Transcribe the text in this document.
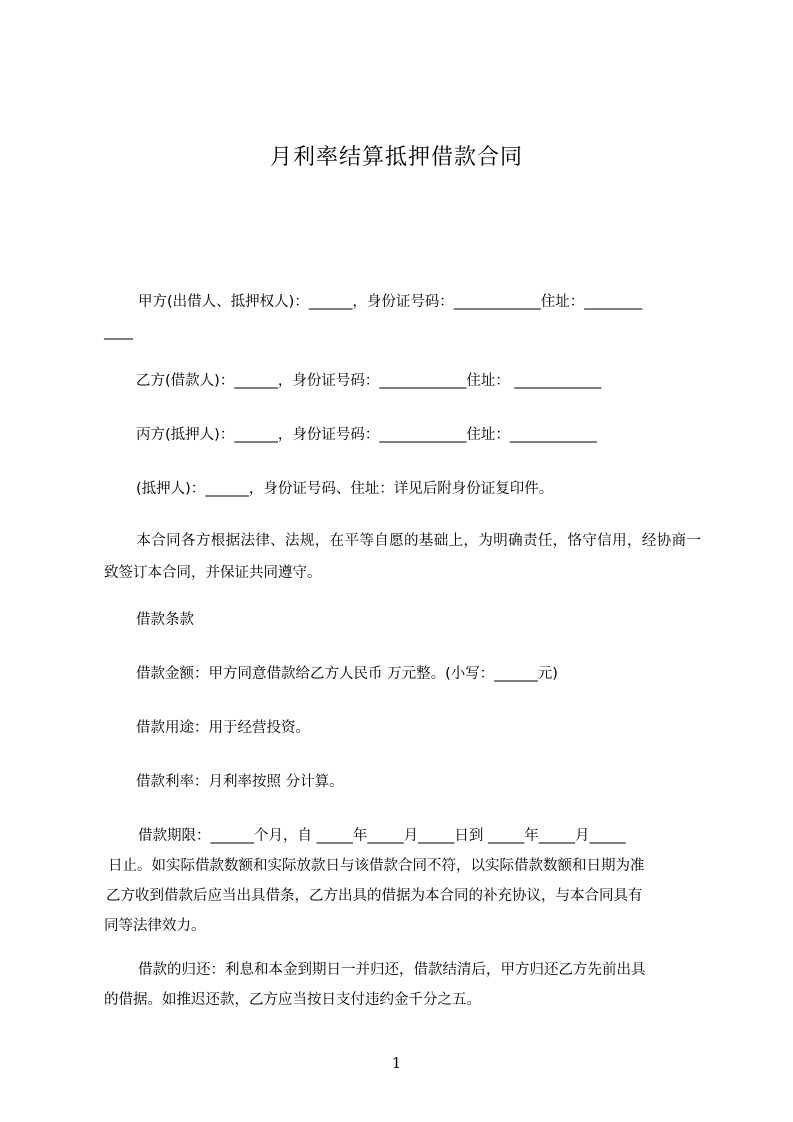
月利率结算抵押借款合同
甲方(出借人、抵押权人)：______，身份证号码：____________住址：________
____
乙方(借款人)：______，身份证号码：____________住址： ____________
丙方(抵押人)：______，身份证号码：____________住址：____________
(抵押人)：______，身份证号码、住址：详见后附身份证复印件。
本合同各方根据法律、法规，在平等自愿的基础上，为明确责任，恪守信用，经协商一致签订本合同，并保证共同遵守。
借款条款
借款金额：甲方同意借款给乙方人民币 万元整。(小写：______元)
借款用途：用于经营投资。
借款利率：月利率按照 分计算。
借款期限：______个月，自 _____年_____月_____日到 _____年_____月_____
日止。如实际借款数额和实际放款日与该借款合同不符，以实际借款数额和日期为准
乙方收到借款后应当出具借条，乙方出具的借据为本合同的补充协议，与本合同具有
同等法律效力。
借款的归还：利息和本金到期日一并归还，借款结清后，甲方归还乙方先前出具
的借据。如推迟还款，乙方应当按日支付违约金千分之五。
1
